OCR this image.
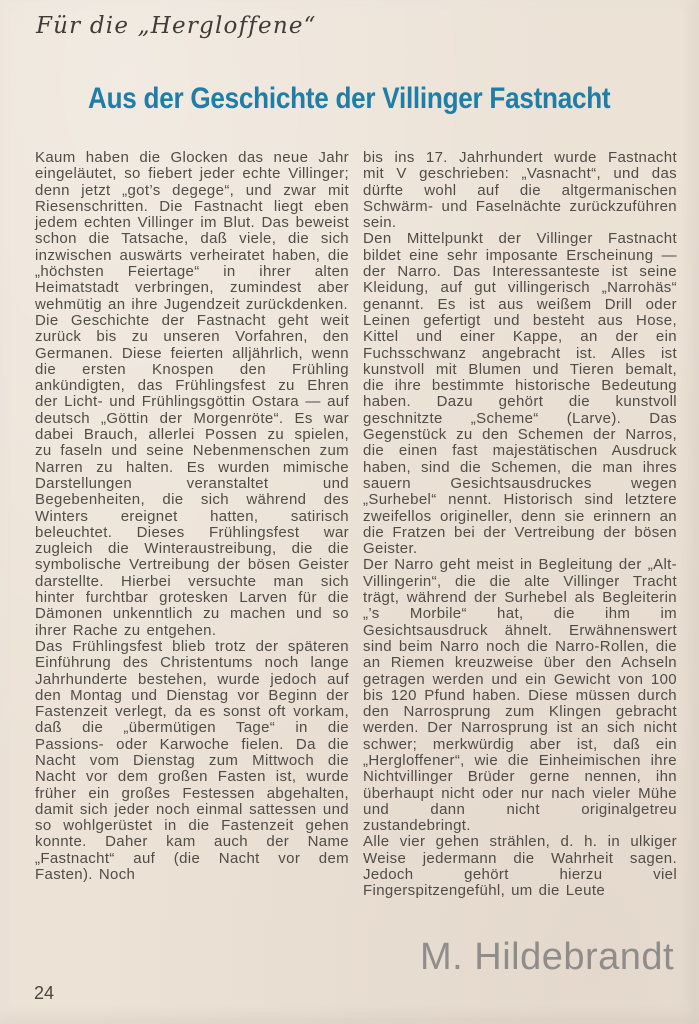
Für die „Hergloffene“
Aus der Geschichte der Villinger Fastnacht

Kaum haben die Glocken das neue Jahr eingeläutet, so fiebert jeder echte Villinger; denn jetzt „got’s degege“, und zwar mit Riesenschritten. Die Fastnacht liegt eben jedem echten Villinger im Blut. Das beweist schon die Tatsache, daß viele, die sich inzwischen auswärts verheiratet haben, die „höchsten Feiertage“ in ihrer alten Heimatstadt verbringen, zumindest aber wehmütig an ihre Jugendzeit zurückdenken.

Die Geschichte der Fastnacht geht weit zurück bis zu unseren Vorfahren, den Germanen. Diese feierten alljährlich, wenn die ersten Knospen den Frühling ankündigten, das Frühlingsfest zu Ehren der Licht- und Frühlingsgöttin Ostara — auf deutsch „Göttin der Morgenröte“. Es war dabei Brauch, allerlei Possen zu spielen, zu faseln und seine Nebenmenschen zum Narren zu halten. Es wurden mimische Darstellungen veranstaltet und Begebenheiten, die sich während des Winters ereignet hatten, satirisch beleuchtet. Dieses Frühlingsfest war zugleich die Winteraustreibung, die die symbolische Vertreibung der bösen Geister darstellte. Hierbei versuchte man sich hinter furchtbar grotesken Larven für die Dämonen unkenntlich zu machen und so ihrer Rache zu entgehen.

Das Frühlingsfest blieb trotz der späteren Einführung des Christentums noch lange Jahrhunderte bestehen, wurde jedoch auf den Montag und Dienstag vor Beginn der Fastenzeit verlegt, da es sonst oft vorkam, daß die „übermütigen Tage“ in die Passions- oder Karwoche fielen. Da die Nacht vom Dienstag zum Mittwoch die Nacht vor dem großen Fasten ist, wurde früher ein großes Festessen abgehalten, damit sich jeder noch einmal sattessen und so wohlgerüstet in die Fastenzeit gehen konnte. Daher kam auch der Name „Fastnacht“ auf (die Nacht vor dem Fasten). Noch

bis ins 17. Jahrhundert wurde Fastnacht mit V geschrieben: „Vasnacht“, und das dürfte wohl auf die altgermanischen Schwärm- und Faselnächte zurückzuführen sein.

Den Mittelpunkt der Villinger Fastnacht bildet eine sehr imposante Erscheinung — der Narro. Das Interessanteste ist seine Kleidung, auf gut villingerisch „Narrohäs“ genannt. Es ist aus weißem Drill oder Leinen gefertigt und besteht aus Hose, Kittel und einer Kappe, an der ein Fuchsschwanz angebracht ist. Alles ist kunstvoll mit Blumen und Tieren bemalt, die ihre bestimmte historische Bedeutung haben. Dazu gehört die kunstvoll geschnitzte „Scheme“ (Larve). Das Gegenstück zu den Schemen der Narros, die einen fast majestätischen Ausdruck haben, sind die Schemen, die man ihres sauern Gesichtsausdruckes wegen „Surhebel“ nennt. Historisch sind letztere zweifellos origineller, denn sie erinnern an die Fratzen bei der Vertreibung der bösen Geister.

Der Narro geht meist in Begleitung der „Alt-Villingerin“, die die alte Villinger Tracht trägt, während der Surhebel als Begleiterin „’s Morbile“ hat, die ihm im Gesichtsausdruck ähnelt. Erwähnenswert sind beim Narro noch die Narro-Rollen, die an Riemen kreuzweise über den Achseln getragen werden und ein Gewicht von 100 bis 120 Pfund haben. Diese müssen durch den Narrosprung zum Klingen gebracht werden. Der Narrosprung ist an sich nicht schwer; merkwürdig aber ist, daß ein „Hergloffener“, wie die Einheimischen ihre Nichtvillinger Brüder gerne nennen, ihn überhaupt nicht oder nur nach vieler Mühe und dann nicht originalgetreu zustandebringt.

Alle vier gehen strählen, d. h. in ulkiger Weise jedermann die Wahrheit sagen. Jedoch gehört hierzu viel Fingerspitzengefühl, um die Leute

M. Hildebrandt
24
